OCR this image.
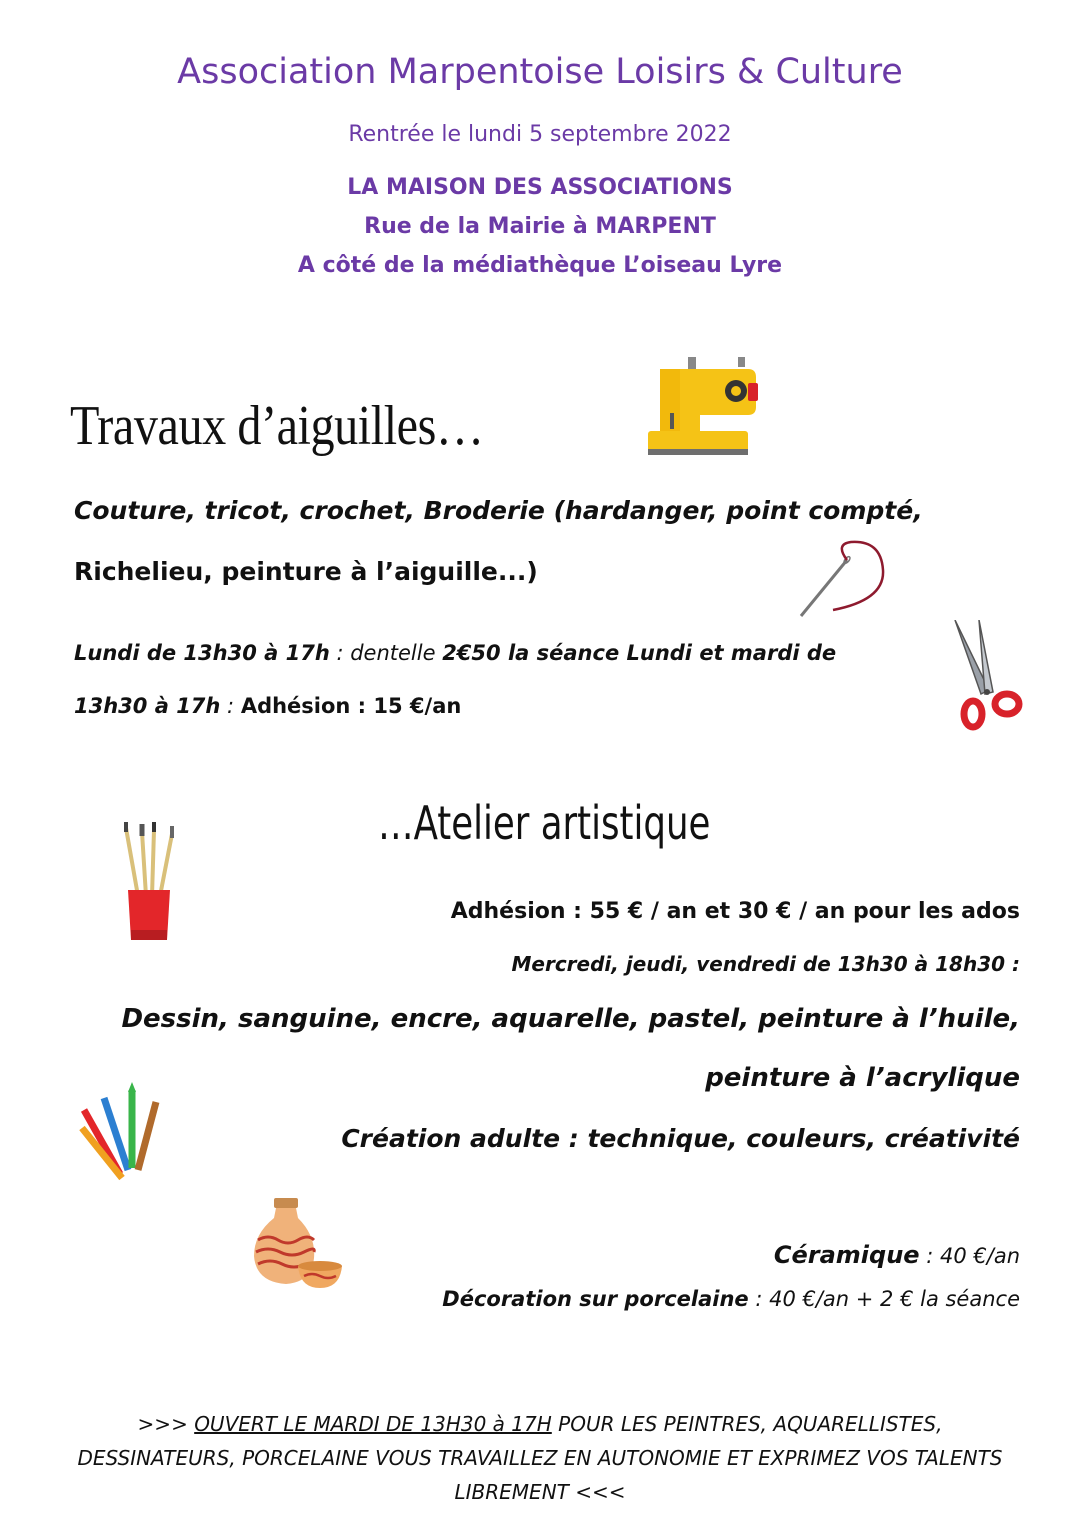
Association Marpentoise Loisirs & Culture
Rentrée le lundi 5 septembre 2022
LA MAISON DES ASSOCIATIONS
Rue de la Mairie à MARPENT
A côté de la médiathèque L’oiseau Lyre
Travaux d’aiguilles…
Couture, tricot, crochet, Broderie (hardanger, point compté,
Richelieu, peinture à l’aiguille...)
Lundi de 13h30 à 17h : dentelle 2€50 la séance Lundi et mardi de
13h30 à 17h : Adhésion : 15 €/an
…Atelier artistique
Adhésion : 55 € / an et 30 € / an pour les ados
Mercredi, jeudi, vendredi de 13h30 à 18h30 :
Dessin, sanguine, encre, aquarelle, pastel, peinture à l’huile,
peinture à l’acrylique
Création adulte : technique, couleurs, créativité
Céramique : 40 €/an
Décoration sur porcelaine : 40 €/an + 2 € la séance
>>> OUVERT LE MARDI DE 13H30 à 17H POUR LES PEINTRES, AQUARELLISTES, DESSINATEURS, PORCELAINE VOUS TRAVAILLEZ EN AUTONOMIE ET EXPRIMEZ VOS TALENTS LIBREMENT <<<
